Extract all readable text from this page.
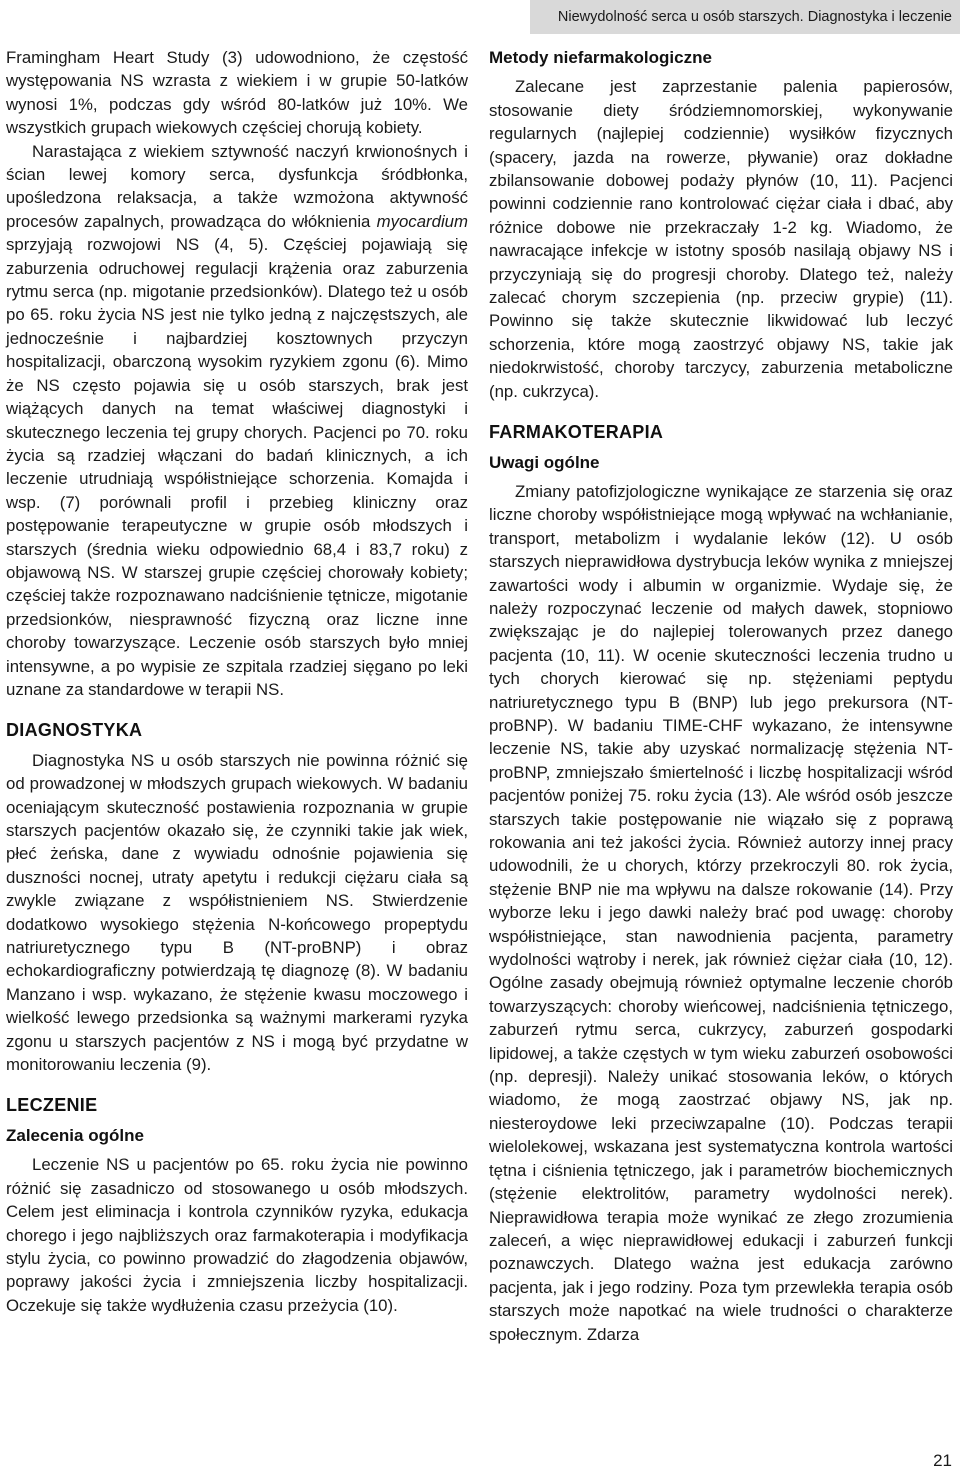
Niewydolność serca u osób starszych. Diagnostyka i leczenie

Framingham Heart Study (3) udowodniono, że częstość występowania NS wzrasta z wiekiem i w grupie 50-latków wynosi 1%, podczas gdy wśród 80-latków już 10%. We wszystkich grupach wiekowych częściej chorują kobiety.

Narastająca z wiekiem sztywność naczyń krwionośnych i ścian lewej komory serca, dysfunkcja śródbłonka, upośledzona relaksacja, a także wzmożona aktywność procesów zapalnych, prowadząca do włóknienia myocardium sprzyjają rozwojowi NS (4, 5). Częściej pojawiają się zaburzenia odruchowej regulacji krążenia oraz zaburzenia rytmu serca (np. migotanie przedsionków). Dlatego też u osób po 65. roku życia NS jest nie tylko jedną z najczęstszych, ale jednocześnie i najbardziej kosztownych przyczyn hospitalizacji, obarczoną wysokim ryzykiem zgonu (6). Mimo że NS często pojawia się u osób starszych, brak jest wiążących danych na temat właściwej diagnostyki i skutecznego leczenia tej grupy chorych. Pacjenci po 70. roku życia są rzadziej włączani do badań klinicznych, a ich leczenie utrudniają współistniejące schorzenia. Komajda i wsp. (7) porównali profil i przebieg kliniczny oraz postępowanie terapeutyczne w grupie osób młodszych i starszych (średnia wieku odpowiednio 68,4 i 83,7 roku) z objawową NS. W starszej grupie częściej chorowały kobiety; częściej także rozpoznawano nadciśnienie tętnicze, migotanie przedsionków, niesprawność fizyczną oraz liczne inne choroby towarzyszące. Leczenie osób starszych było mniej intensywne, a po wypisie ze szpitala rzadziej sięgano po leki uznane za standardowe w terapii NS.

DIAGNOSTYKA

Diagnostyka NS u osób starszych nie powinna różnić się od prowadzonej w młodszych grupach wiekowych. W badaniu oceniającym skuteczność postawienia rozpoznania w grupie starszych pacjentów okazało się, że czynniki takie jak wiek, płeć żeńska, dane z wywiadu odnośnie pojawienia się duszności nocnej, utraty apetytu i redukcji ciężaru ciała są zwykle związane z współistnieniem NS. Stwierdzenie dodatkowo wysokiego stężenia N-końcowego propeptydu natriuretycznego typu B (NT-proBNP) i obraz echokardiograficzny potwierdzają tę diagnozę (8). W badaniu Manzano i wsp. wykazano, że stężenie kwasu moczowego i wielkość lewego przedsionka są ważnymi markerami ryzyka zgonu u starszych pacjentów z NS i mogą być przydatne w monitorowaniu leczenia (9).

LECZENIE
Zalecenia ogólne

Leczenie NS u pacjentów po 65. roku życia nie powinno różnić się zasadniczo od stosowanego u osób młodszych. Celem jest eliminacja i kontrola czynników ryzyka, edukacja chorego i jego najbliższych oraz farmakoterapia i modyfikacja stylu życia, co powinno prowadzić do złagodzenia objawów, poprawy jakości życia i zmniejszenia liczby hospitalizacji. Oczekuje się także wydłużenia czasu przeżycia (10).

Metody niefarmakologiczne

Zalecane jest zaprzestanie palenia papierosów, stosowanie diety śródziemnomorskiej, wykonywanie regularnych (najlepiej codziennie) wysiłków fizycznych (spacery, jazda na rowerze, pływanie) oraz dokładne zbilansowanie dobowej podaży płynów (10, 11). Pacjenci powinni codziennie rano kontrolować ciężar ciała i dbać, aby różnice dobowe nie przekraczały 1-2 kg. Wiadomo, że nawracające infekcje w istotny sposób nasilają objawy NS i przyczyniają się do progresji choroby. Dlatego też, należy zalecać chorym szczepienia (np. przeciw grypie) (11). Powinno się także skutecznie likwidować lub leczyć schorzenia, które mogą zaostrzyć objawy NS, takie jak niedokrwistość, choroby tarczycy, zaburzenia metaboliczne (np. cukrzyca).

FARMAKOTERAPIA
Uwagi ogólne

Zmiany patofizjologiczne wynikające ze starzenia się oraz liczne choroby współistniejące mogą wpływać na wchłanianie, transport, metabolizm i wydalanie leków (12). U osób starszych nieprawidłowa dystrybucja leków wynika z mniejszej zawartości wody i albumin w organizmie. Wydaje się, że należy rozpoczynać leczenie od małych dawek, stopniowo zwiększając je do najlepiej tolerowanych przez danego pacjenta (10, 11). W ocenie skuteczności leczenia trudno u tych chorych kierować się np. stężeniami peptydu natriuretycznego typu B (BNP) lub jego prekursora (NT-proBNP). W badaniu TIME-CHF wykazano, że intensywne leczenie NS, takie aby uzyskać normalizację stężenia NT-proBNP, zmniejszało śmiertelność i liczbę hospitalizacji wśród pacjentów poniżej 75. roku życia (13). Ale wśród osób jeszcze starszych takie postępowanie nie wiązało się z poprawą rokowania ani też jakości życia. Również autorzy innej pracy udowodnili, że u chorych, którzy przekroczyli 80. rok życia, stężenie BNP nie ma wpływu na dalsze rokowanie (14). Przy wyborze leku i jego dawki należy brać pod uwagę: choroby współistniejące, stan nawodnienia pacjenta, parametry wydolności wątroby i nerek, jak również ciężar ciała (10, 12). Ogólne zasady obejmują również optymalne leczenie chorób towarzyszących: choroby wieńcowej, nadciśnienia tętniczego, zaburzeń rytmu serca, cukrzycy, zaburzeń gospodarki lipidowej, a także częstych w tym wieku zaburzeń osobowości (np. depresji). Należy unikać stosowania leków, o których wiadomo, że mogą zaostrzać objawy NS, jak np. niesteroydowe leki przeciwzapalne (10). Podczas terapii wielolekowej, wskazana jest systematyczna kontrola wartości tętna i ciśnienia tętniczego, jak i parametrów biochemicznych (stężenie elektrolitów, parametry wydolności nerek). Nieprawidłowa terapia może wynikać ze złego zrozumienia zaleceń, a więc nieprawidłowej edukacji i zaburzeń funkcji poznawczych. Dlatego ważna jest edukacja zarówno pacjenta, jak i jego rodziny. Poza tym przewlekła terapia osób starszych może napotkać na wiele trudności o charakterze społecznym. Zdarza

21
